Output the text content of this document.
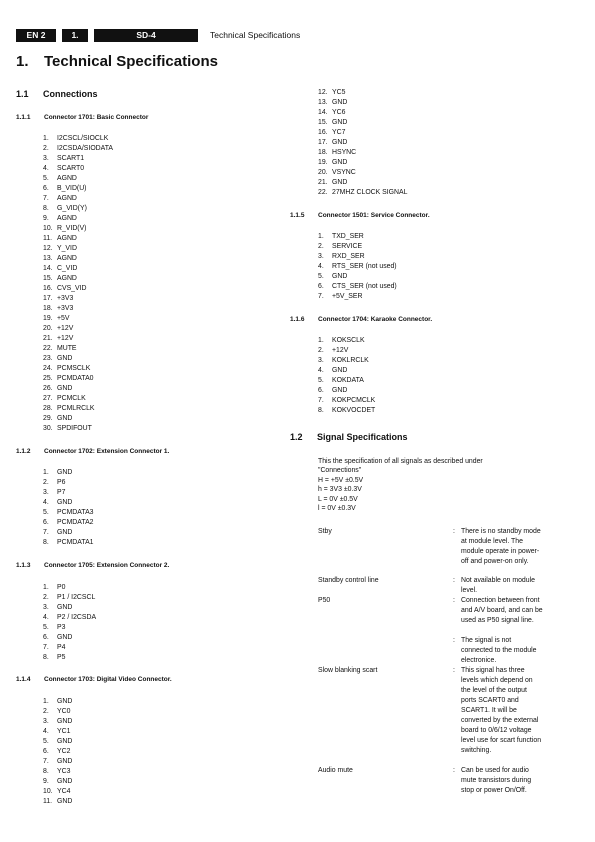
EN 2	1.	SD-4	Technical Specifications
1. Technical Specifications
1.1 Connections
1.1.1 Connector 1701: Basic Connector
1.	I2CSCL/SIOCLK
2.	I2CSDA/SIODATA
3.	SCART1
4.	SCART0
5.	AGND
6.	B_VID(U)
7.	AGND
8.	G_VID(Y)
9.	AGND
10. R_VID(V)
11. AGND
12. Y_VID
13. AGND
14. C_VID
15. AGND
16. CVS_VID
17. +3V3
18. +3V3
19. +5V
20. +12V
21. +12V
22. MUTE
23. GND
24. PCMSCLK
25. PCMDATA0
26. GND
27. PCMCLK
28. PCMLRCLK
29. GND
30. SPDIFOUT
1.1.2 Connector 1702: Extension Connector 1.
1.	GND
2.	P6
3.	P7
4.	GND
5.	PCMDATA3
6.	PCMDATA2
7.	GND
8.	PCMDATA1
1.1.3 Connector 1705: Extension Connector 2.
1.	P0
2.	P1 / I2CSCL
3.	GND
4.	P2 / I2CSDA
5.	P3
6.	GND
7.	P4
8.	P5
1.1.4 Connector 1703: Digital Video Connector.
1.	GND
2.	YC0
3.	GND
4.	YC1
5.	GND
6.	YC2
7.	GND
8.	YC3
9.	GND
10. YC4
11. GND
12. YC5
13. GND
14. YC6
15. GND
16. YC7
17. GND
18. HSYNC
19. GND
20. VSYNC
21. GND
22. 27MHZ CLOCK SIGNAL
1.1.5 Connector 1501: Service Connector.
1.	TXD_SER
2.	SERVICE
3.	RXD_SER
4.	RTS_SER (not used)
5.	GND
6.	CTS_SER (not used)
7.	+5V_SER
1.1.6 Connector 1704: Karaoke Connector.
1.	KOKSCLK
2.	+12V
3.	KOKLRCLK
4.	GND
5.	KOKDATA
6.	GND
7.	KOKPCMCLK
8.	KOKVOCDET
1.2 Signal Specifications
This the specification of all signals as described under
"Connections"
H = +5V ±0.5V
h = 3V3 ±0.3V
L = 0V ±0.5V
l = 0V ±0.3V
Stby	: There is no standby mode at module level. The module operate in power-off and power-on only.
Standby control line	: Not available on module level.
P50	: Connection between front and A/V board, and can be used as P50 signal line.
: The signal is not connected to the module electronice.
Slow blanking scart	: This signal has three levels which depend on the level of the output ports SCART0 and SCART1. It will be converted by the external board to 0/6/12 voltage level use for scart function switching.
Audio mute	: Can be used for audio mute transistors during stop or power On/Off.
